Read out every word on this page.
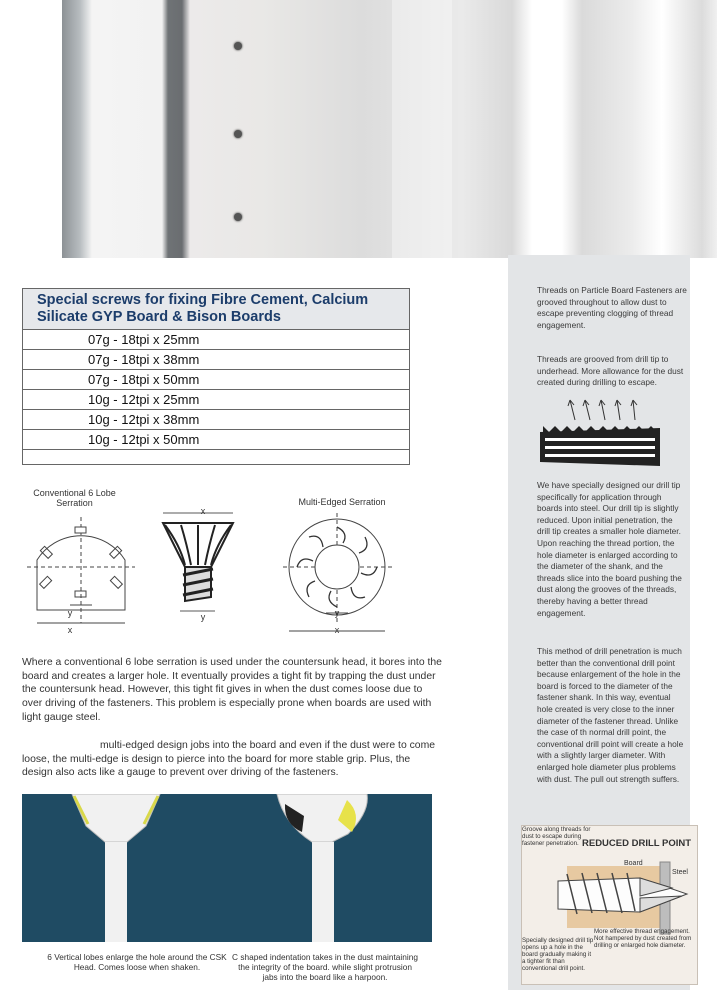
Special screws for fixing Fibre Cement, Calcium Silicate GYP Board & Bison Boards
07g - 18tpi x 25mm
07g - 18tpi x 38mm
07g - 18tpi x 50mm
10g - 12tpi x 25mm
10g - 12tpi x 38mm
10g - 12tpi x 50mm
Conventional 6 Lobe
Serration	Multi-Edged Serration
y
x
x
y	y
x
Where a conventional 6 lobe serration is used under the countersunk head, it bores into the board and creates a larger hole. It eventually provides a tight fit by trapping the dust under the countersunk head. However, this tight fit gives in when the dust comes loose due to over driving of the fasteners. This problem is especially prone when boards are used with light gauge steel.
multi-edged design jobs into the board and even if the dust were to come loose, the multi-edge is design to pierce into the board for more stable grip. Plus, the design also acts like a gauge to prevent over driving of the fasteners.
6 Vertical lobes enlarge the hole around the CSK Head. Comes loose when shaken.
C shaped indentation takes in the dust maintaining the integrity of the board. while slight protrusion jabs into the board like a harpoon.
Threads on Particle Board Fasteners are grooved throughout to allow dust to escape preventing clogging of thread engagement.
Threads are grooved from drill tip to underhead. More allowance for the dust created during drilling to escape.
We have specially designed our drill tip specifically for application through boards into steel. Our drill tip is slightly reduced. Upon initial penetration, the drill tip creates a smaller hole diameter. Upon reaching the thread portion, the hole diameter is enlarged according to the diameter of the shank, and the threads slice into the board pushing the dust along the grooves of the threads, thereby having a better thread engagement.
This method of drill penetration is much better than the conventional drill point because enlargement of the hole in the board is forced to the diameter of the fastener shank. In this way, eventual hole created is very close to the inner diameter of the fastener thread. Unlike the case of th normal drill point, the conventional drill point will create a hole with a slightly larger diameter. With enlarged hole diameter plus problems with dust. The pull out strength suffers.
Groove along threads for dust to escape during fastener penetration. REDUCED DRILL POINT
Board
Steel
More effective thread engagement. Not hampered by dust created from drilling or enlarged hole diameter.
Specially designed drill tip opens up a hole in the board gradually making it a tighter fit than conventional drill point.
